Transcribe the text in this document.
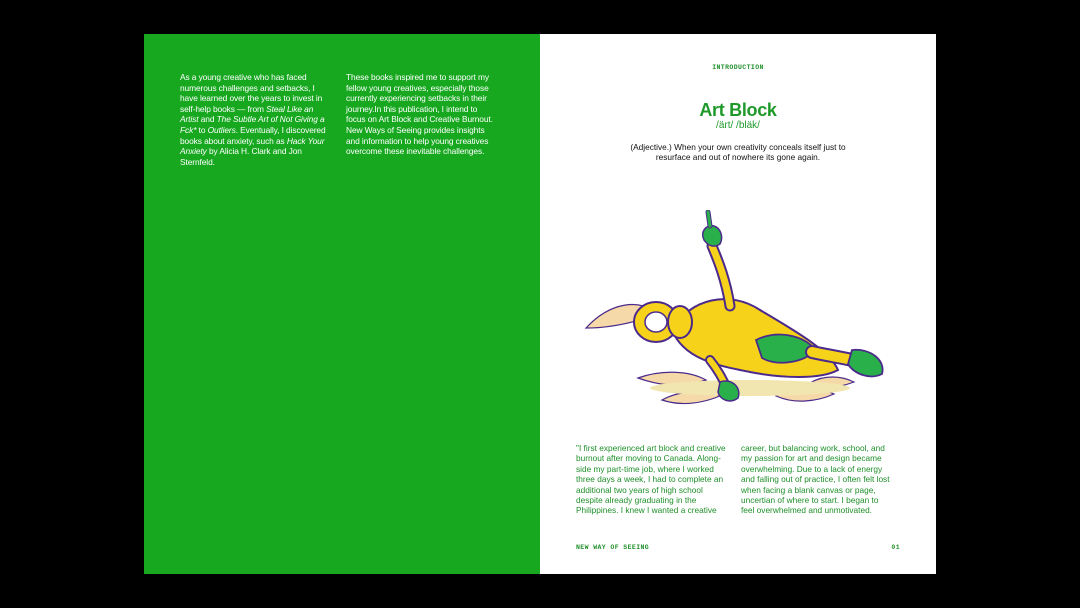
As a young creative who has faced numerous challenges and setbacks, I have learned over the years to invest in self-help books — from Steal Like an Artist and The Subtle Art of Not Giving a Fck* to Outliers. Eventually, I discovered books about anxiety, such as Hack Your Anxiety by Alicia H. Clark and Jon Sternfeld.

These books inspired me to support my fellow young creatives, especially those currently experiencing setbacks in their journey.In this publication, I intend to focus on Art Block and Creative Burnout. New Ways of Seeing provides insights and information to help young creatives overcome these inevitable challenges.

INTRODUCTION
Art Block
/ärt/ /bläk/
(Adjective.) When your own creativity conceals itself just to resurface and out of nowhere its gone again.
"I first experienced art block and creative burnout after moving to Canada. Along-side my part-time job, where I worked three days a week, I had to complete an additional two years of high school despite already graduating in the Philippines. I knew I wanted a creative
career, but balancing work, school, and my passion for art and design became overwhelming. Due to a lack of energy and falling out of practice, I often felt lost when facing a blank canvas or page, uncertian of where to start. I began to feel overwhelmed and unmotivated.
NEW WAY OF SEEING	01
